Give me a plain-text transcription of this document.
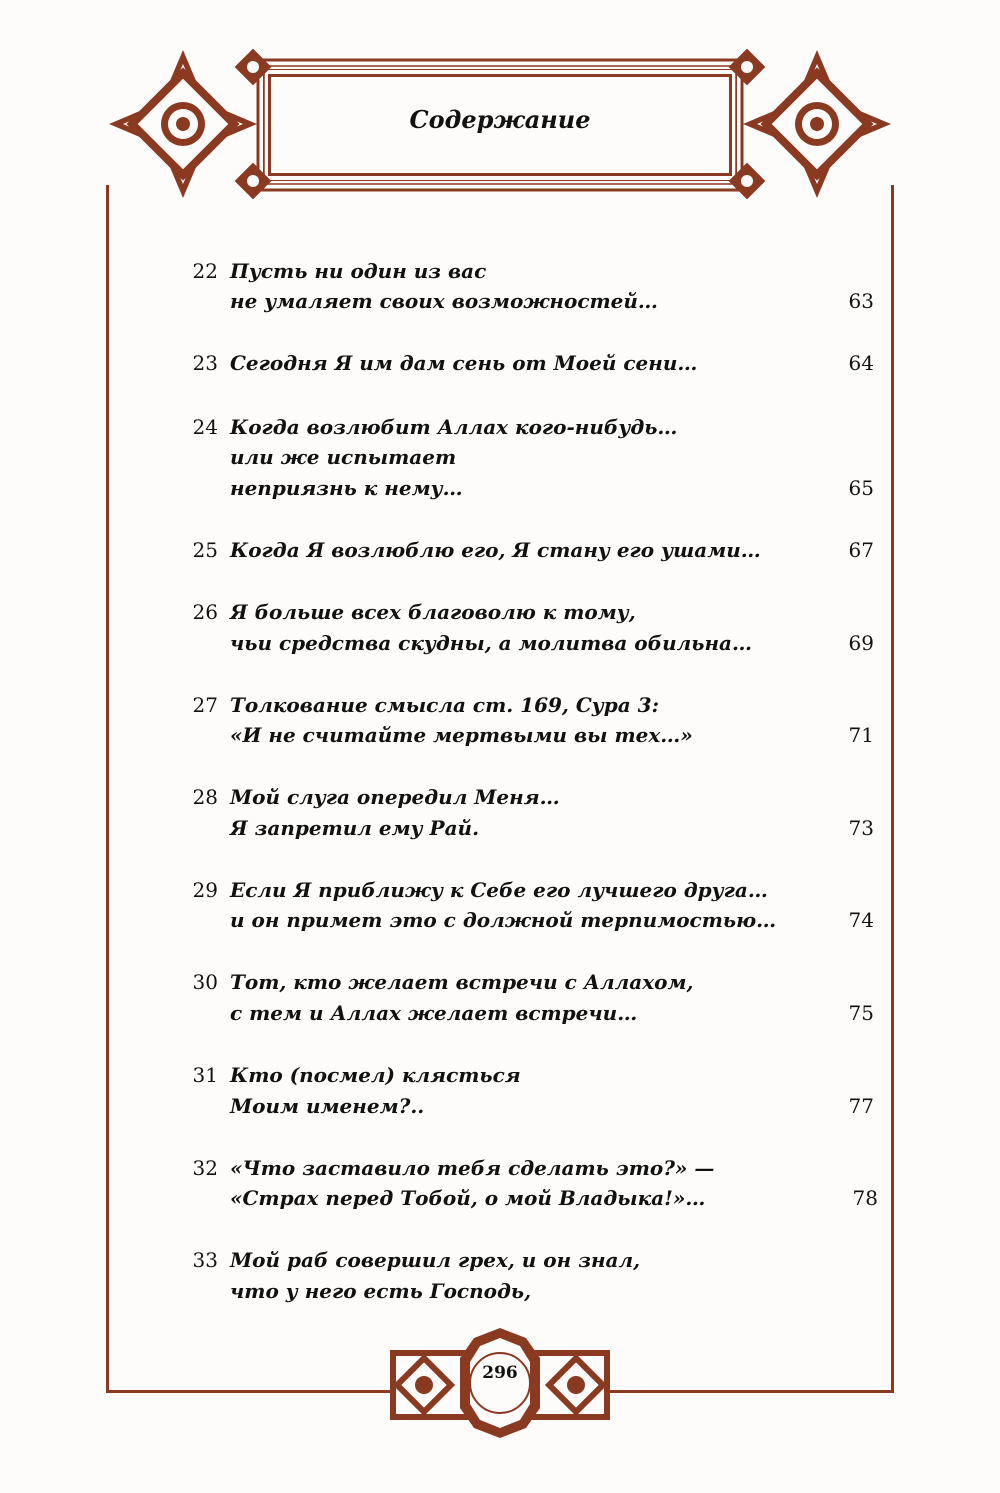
Содержание
22 Пусть ни один из вас
не умаляет своих возможностей…	63
23 Сегодня Я им дам сень от Моей сени…	64
24 Когда возлюбит Аллах кого-нибудь…
или же испытает
неприязнь к нему…	65
25 Когда Я возлюблю его, Я стану его ушами…	67
26 Я больше всех благоволю к тому,
чьи средства скудны, а молитва обильна…	69
27 Толкование смысла ст. 169, Сура 3:
«И не считайте мертвыми вы тех…»	71
28 Мой слуга опередил Меня…
Я запретил ему Рай.	73
29 Если Я приближу к Себе его лучшего друга…
и он примет это с должной терпимостью…	74
30 Тот, кто желает встречи с Аллахом,
с тем и Аллах желает встречи…	75
31 Кто (посмел) клясться
Моим именем?..	77
32 «Что заставило тебя сделать это?» —
«Страх перед Тобой, о мой Владыка!»…	78
33 Мой раб совершил грех, и он знал,
что у него есть Господь,
296
